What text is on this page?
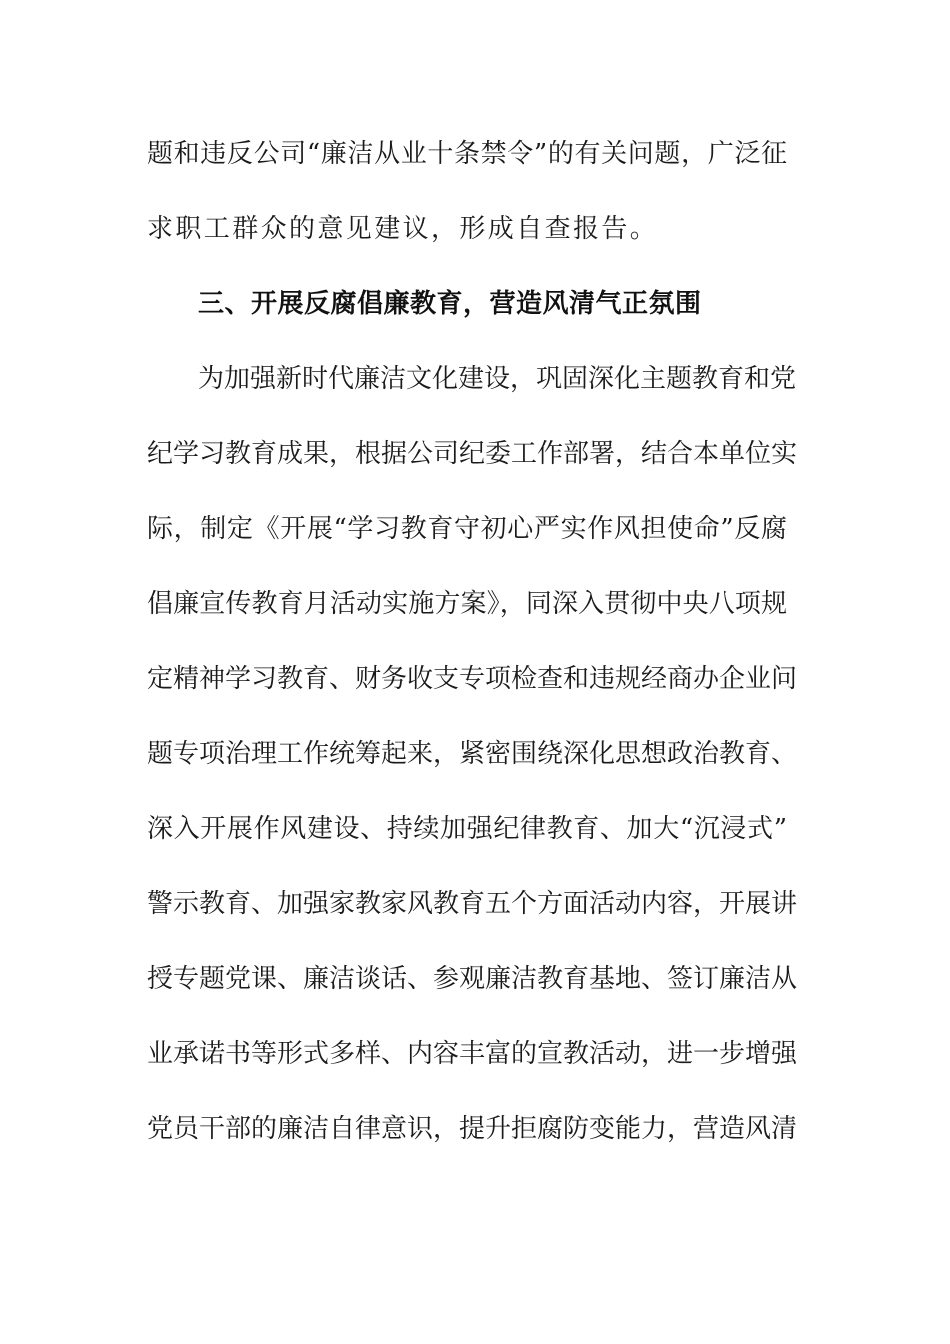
题和违反公司“廉洁从业十条禁令”的有关问题，广泛征
求职工群众的意见建议，形成自查报告。
三、开展反腐倡廉教育，营造风清气正氛围
为加强新时代廉洁文化建设，巩固深化主题教育和党
纪学习教育成果，根据公司纪委工作部署，结合本单位实
际，制定《开展“学习教育守初心严实作风担使命”反腐
倡廉宣传教育月活动实施方案》，同深入贯彻中央八项规
定精神学习教育、财务收支专项检查和违规经商办企业问
题专项治理工作统筹起来，紧密围绕深化思想政治教育、
深入开展作风建设、持续加强纪律教育、加大“沉浸式”
警示教育、加强家教家风教育五个方面活动内容，开展讲
授专题党课、廉洁谈话、参观廉洁教育基地、签订廉洁从
业承诺书等形式多样、内容丰富的宣教活动，进一步增强
党员干部的廉洁自律意识，提升拒腐防变能力，营造风清
